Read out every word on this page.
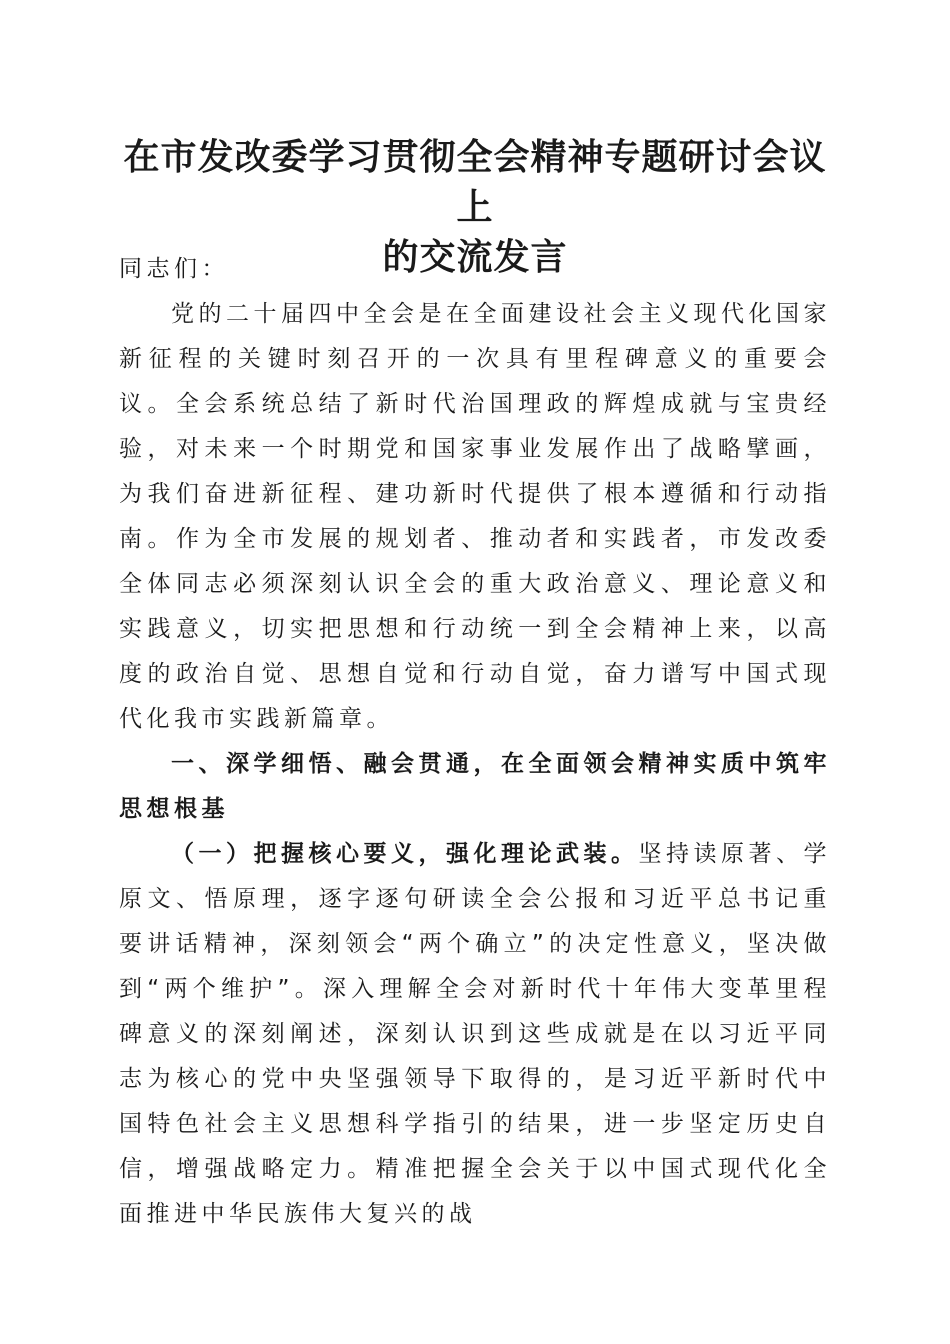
在市发改委学习贯彻全会精神专题研讨会议上
的交流发言

同志们：

党的二十届四中全会是在全面建设社会主义现代化国家新征程的关键时刻召开的一次具有里程碑意义的重要会议。全会系统总结了新时代治国理政的辉煌成就与宝贵经验，对未来一个时期党和国家事业发展作出了战略擘画，为我们奋进新征程、建功新时代提供了根本遵循和行动指南。作为全市发展的规划者、推动者和实践者，市发改委全体同志必须深刻认识全会的重大政治意义、理论意义和实践意义，切实把思想和行动统一到全会精神上来，以高度的政治自觉、思想自觉和行动自觉，奋力谱写中国式现代化我市实践新篇章。

一、深学细悟、融会贯通，在全面领会精神实质中筑牢思想根基

（一）把握核心要义，强化理论武装。坚持读原著、学原文、悟原理，逐字逐句研读全会公报和习近平总书记重要讲话精神，深刻领会“两个确立”的决定性意义，坚决做到“两个维护”。深入理解全会对新时代十年伟大变革里程碑意义的深刻阐述，深刻认识到这些成就是在以习近平同志为核心的党中央坚强领导下取得的，是习近平新时代中国特色社会主义思想科学指引的结果，进一步坚定历史自信，增强战略定力。精准把握全会关于以中国式现代化全面推进中华民族伟大复兴的战
